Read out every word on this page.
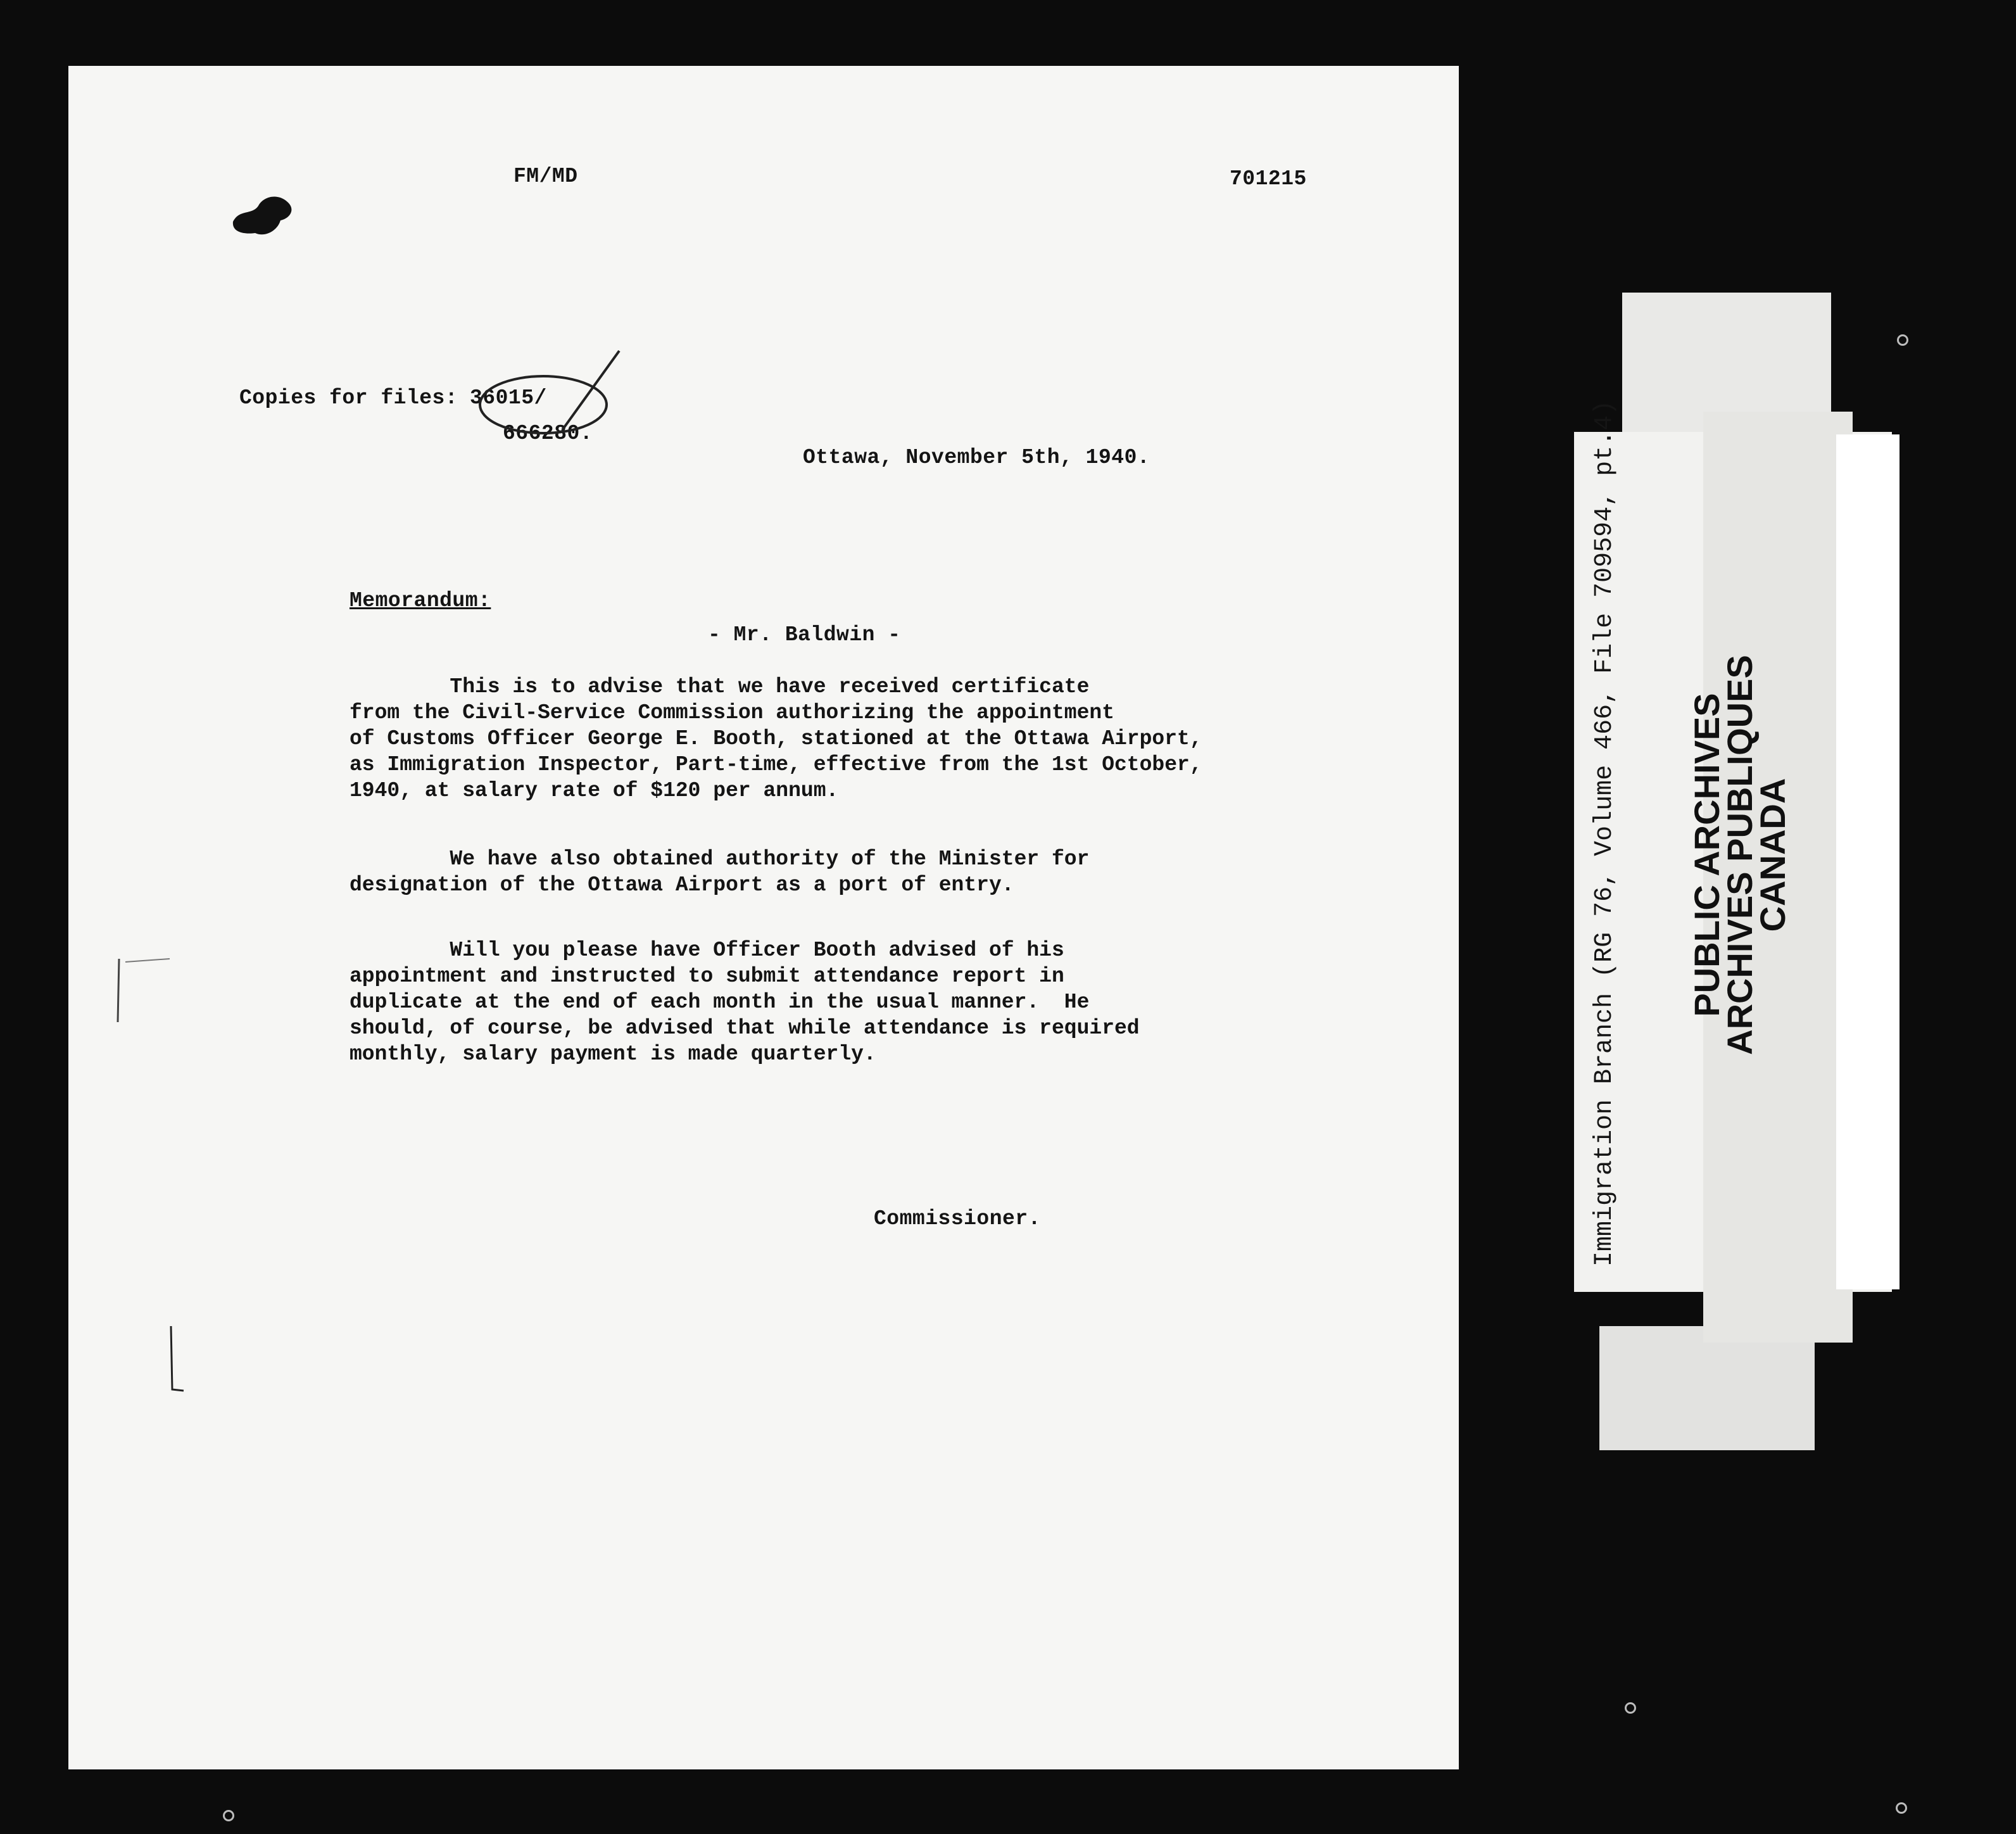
FM/MD	701215
Copies for files: 36015/
666280.
Ottawa, November 5th, 1940.
Memorandum:
- Mr. Baldwin -
This is to advise that we have received certificate
from the Civil-Service Commission authorizing the appointment
of Customs Officer George E. Booth, stationed at the Ottawa Airport,
as Immigration Inspector, Part-time, effective from the 1st October,
1940, at salary rate of $120 per annum.
We have also obtained authority of the Minister for
designation of the Ottawa Airport as a port of entry.
Will you please have Officer Booth advised of his
appointment and instructed to submit attendance report in
duplicate at the end of each month in the usual manner.  He
should, of course, be advised that while attendance is required
monthly, salary payment is made quarterly.
Commissioner.	Immigration Branch (RG 76, Volume 466, File 709594, pt.4) PUBLIC ARCHIVES
ARCHIVES PUBLIQUES
CANADA
